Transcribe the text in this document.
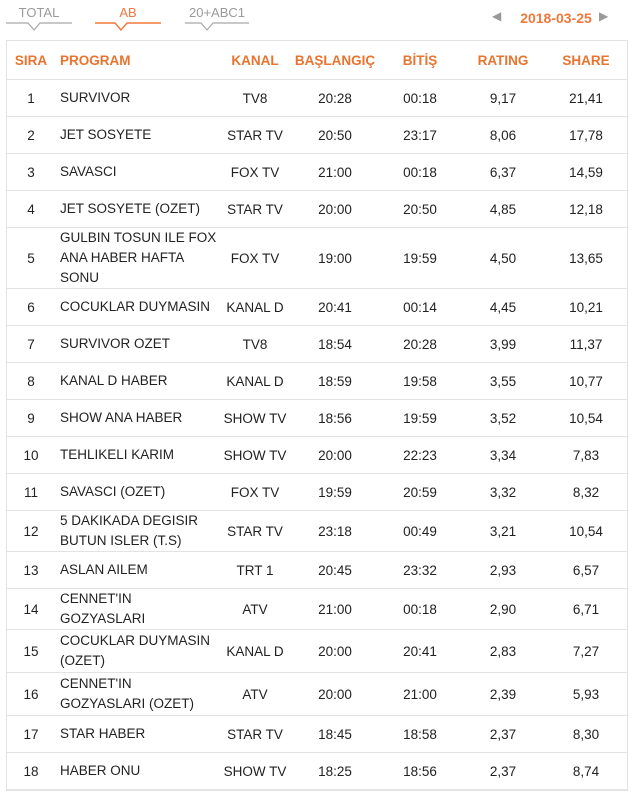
TOTAL	AB	20+ABC1	◀	2018-03-25 ▶
SIRA	PROGRAM	KANAL	BAŞLANGIÇ	BİTİŞ	RATING	SHARE
1	SURVIVOR	TV8	20:28	00:18	9,17	21,41
2	JET SOSYETE	STAR TV	20:50	23:17	8,06	17,78
3	SAVASCI	FOX TV	21:00	00:18	6,37	14,59
4	JET SOSYETE (OZET)	STAR TV	20:00	20:50	4,85	12,18
5	GULBIN TOSUN ILE FOX ANA HABER HAFTA SONU	FOX TV	19:00	19:59	4,50	13,65
6	COCUKLAR DUYMASIN	KANAL D	20:41	00:14	4,45	10,21
7	SURVIVOR OZET	TV8	18:54	20:28	3,99	11,37
8	KANAL D HABER	KANAL D	18:59	19:58	3,55	10,77
9	SHOW ANA HABER	SHOW TV	18:56	19:59	3,52	10,54
10	TEHLIKELI KARIM	SHOW TV	20:00	22:23	3,34	7,83
11	SAVASCI (OZET)	FOX TV	19:59	20:59	3,32	8,32
12	5 DAKIKADA DEGISIR BUTUN ISLER (T.S)	STAR TV	23:18	00:49	3,21	10,54
13	ASLAN AILEM	TRT 1	20:45	23:32	2,93	6,57
14	CENNET'IN GOZYASLARI	ATV	21:00	00:18	2,90	6,71
15	COCUKLAR DUYMASIN (OZET)	KANAL D	20:00	20:41	2,83	7,27
16	CENNET'IN GOZYASLARI (OZET)	ATV	20:00	21:00	2,39	5,93
17	STAR HABER	STAR TV	18:45	18:58	2,37	8,30
18	HABER ONU	SHOW TV	18:25	18:56	2,37	8,74
